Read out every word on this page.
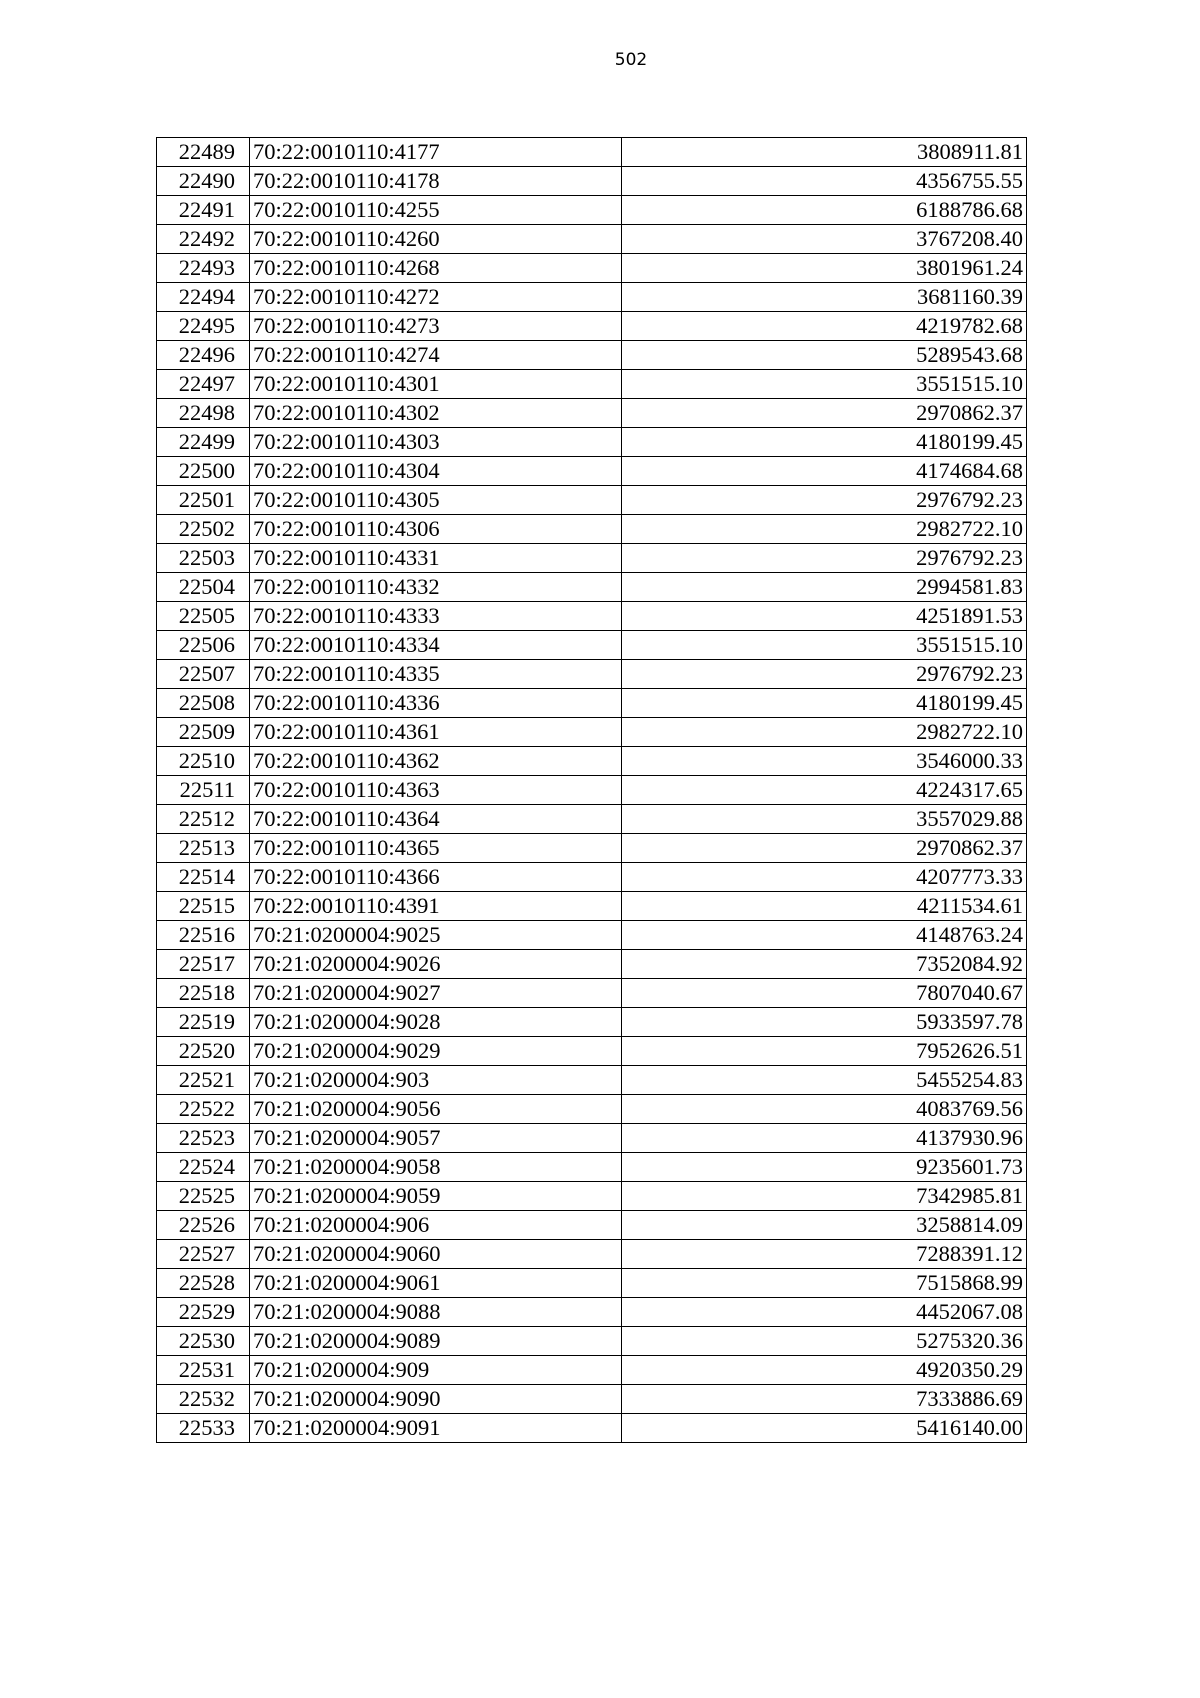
502
22489	70:22:0010110:4177	3808911.81
22490	70:22:0010110:4178	4356755.55
22491	70:22:0010110:4255	6188786.68
22492	70:22:0010110:4260	3767208.40
22493	70:22:0010110:4268	3801961.24
22494	70:22:0010110:4272	3681160.39
22495	70:22:0010110:4273	4219782.68
22496	70:22:0010110:4274	5289543.68
22497	70:22:0010110:4301	3551515.10
22498	70:22:0010110:4302	2970862.37
22499	70:22:0010110:4303	4180199.45
22500	70:22:0010110:4304	4174684.68
22501	70:22:0010110:4305	2976792.23
22502	70:22:0010110:4306	2982722.10
22503	70:22:0010110:4331	2976792.23
22504	70:22:0010110:4332	2994581.83
22505	70:22:0010110:4333	4251891.53
22506	70:22:0010110:4334	3551515.10
22507	70:22:0010110:4335	2976792.23
22508	70:22:0010110:4336	4180199.45
22509	70:22:0010110:4361	2982722.10
22510	70:22:0010110:4362	3546000.33
22511	70:22:0010110:4363	4224317.65
22512	70:22:0010110:4364	3557029.88
22513	70:22:0010110:4365	2970862.37
22514	70:22:0010110:4366	4207773.33
22515	70:22:0010110:4391	4211534.61
22516	70:21:0200004:9025	4148763.24
22517	70:21:0200004:9026	7352084.92
22518	70:21:0200004:9027	7807040.67
22519	70:21:0200004:9028	5933597.78
22520	70:21:0200004:9029	7952626.51
22521	70:21:0200004:903	5455254.83
22522	70:21:0200004:9056	4083769.56
22523	70:21:0200004:9057	4137930.96
22524	70:21:0200004:9058	9235601.73
22525	70:21:0200004:9059	7342985.81
22526	70:21:0200004:906	3258814.09
22527	70:21:0200004:9060	7288391.12
22528	70:21:0200004:9061	7515868.99
22529	70:21:0200004:9088	4452067.08
22530	70:21:0200004:9089	5275320.36
22531	70:21:0200004:909	4920350.29
22532	70:21:0200004:9090	7333886.69
22533	70:21:0200004:9091	5416140.00
